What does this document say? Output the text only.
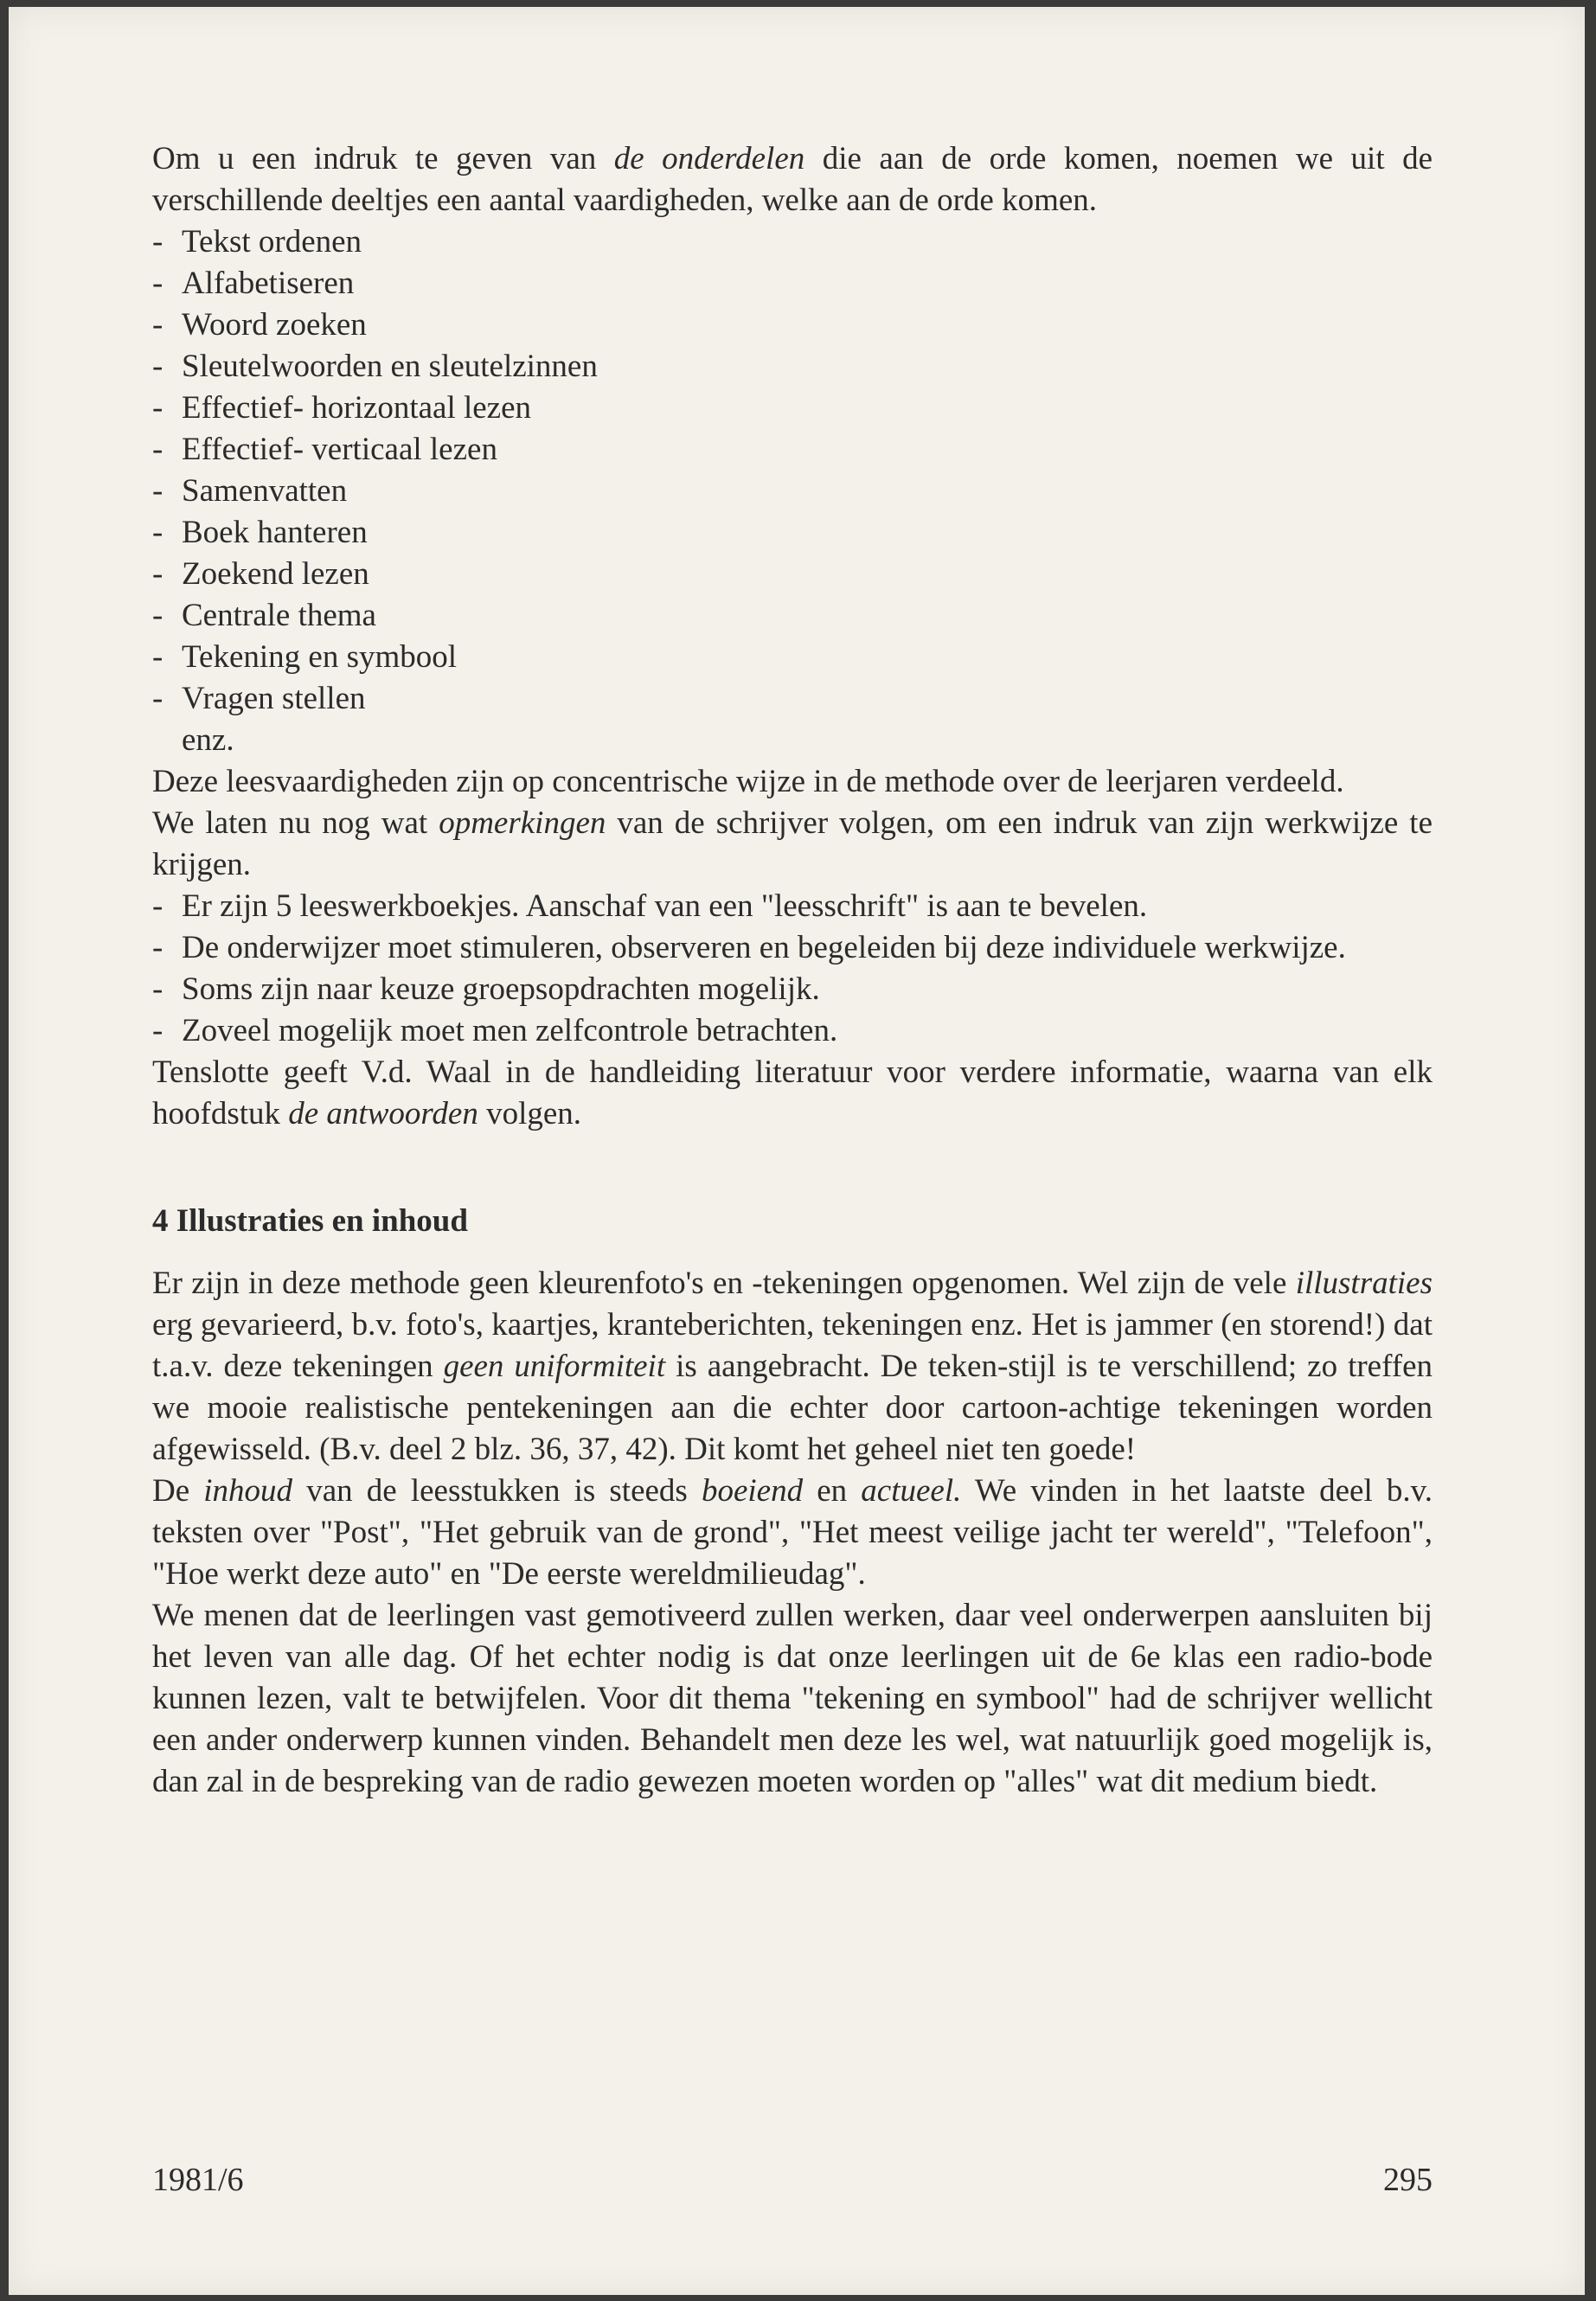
Om u een indruk te geven van de onderdelen die aan de orde komen, noemen we uit de verschillende deeltjes een aantal vaardigheden, welke aan de orde komen.

- Tekst ordenen
- Alfabetiseren
- Woord zoeken
- Sleutelwoorden en sleutelzinnen
- Effectief- horizontaal lezen
- Effectief- verticaal lezen
- Samenvatten
- Boek hanteren
- Zoekend lezen
- Centrale thema
- Tekening en symbool
- Vragen stellen
enz.

Deze leesvaardigheden zijn op concentrische wijze in de methode over de leerjaren verdeeld.

We laten nu nog wat opmerkingen van de schrijver volgen, om een indruk van zijn werkwijze te krijgen.

- Er zijn 5 leeswerkboekjes. Aanschaf van een "leesschrift" is aan te bevelen.
- De onderwijzer moet stimuleren, observeren en begeleiden bij deze individuele werkwijze.
- Soms zijn naar keuze groepsopdrachten mogelijk.
- Zoveel mogelijk moet men zelfcontrole betrachten.

Tenslotte geeft V.d. Waal in de handleiding literatuur voor verdere informatie, waarna van elk hoofdstuk de antwoorden volgen.

4 Illustraties en inhoud

Er zijn in deze methode geen kleurenfoto's en -tekeningen opgenomen. Wel zijn de vele illustraties erg gevarieerd, b.v. foto's, kaartjes, kranteberichten, tekeningen enz. Het is jammer (en storend!) dat t.a.v. deze tekeningen geen uniformiteit is aangebracht. De teken-stijl is te verschillend; zo treffen we mooie realistische pentekeningen aan die echter door cartoon-achtige tekeningen worden afgewisseld. (B.v. deel 2 blz. 36, 37, 42). Dit komt het geheel niet ten goede!

De inhoud van de leesstukken is steeds boeiend en actueel. We vinden in het laatste deel b.v. teksten over "Post", "Het gebruik van de grond", "Het meest veilige jacht ter wereld", "Telefoon", "Hoe werkt deze auto" en "De eerste wereldmilieudag".

We menen dat de leerlingen vast gemotiveerd zullen werken, daar veel onderwerpen aansluiten bij het leven van alle dag. Of het echter nodig is dat onze leerlingen uit de 6e klas een radio-bode kunnen lezen, valt te betwijfelen. Voor dit thema "tekening en symbool" had de schrijver wellicht een ander onderwerp kunnen vinden. Behandelt men deze les wel, wat natuurlijk goed mogelijk is, dan zal in de bespreking van de radio gewezen moeten worden op "alles" wat dit medium biedt.

1981/6	295
